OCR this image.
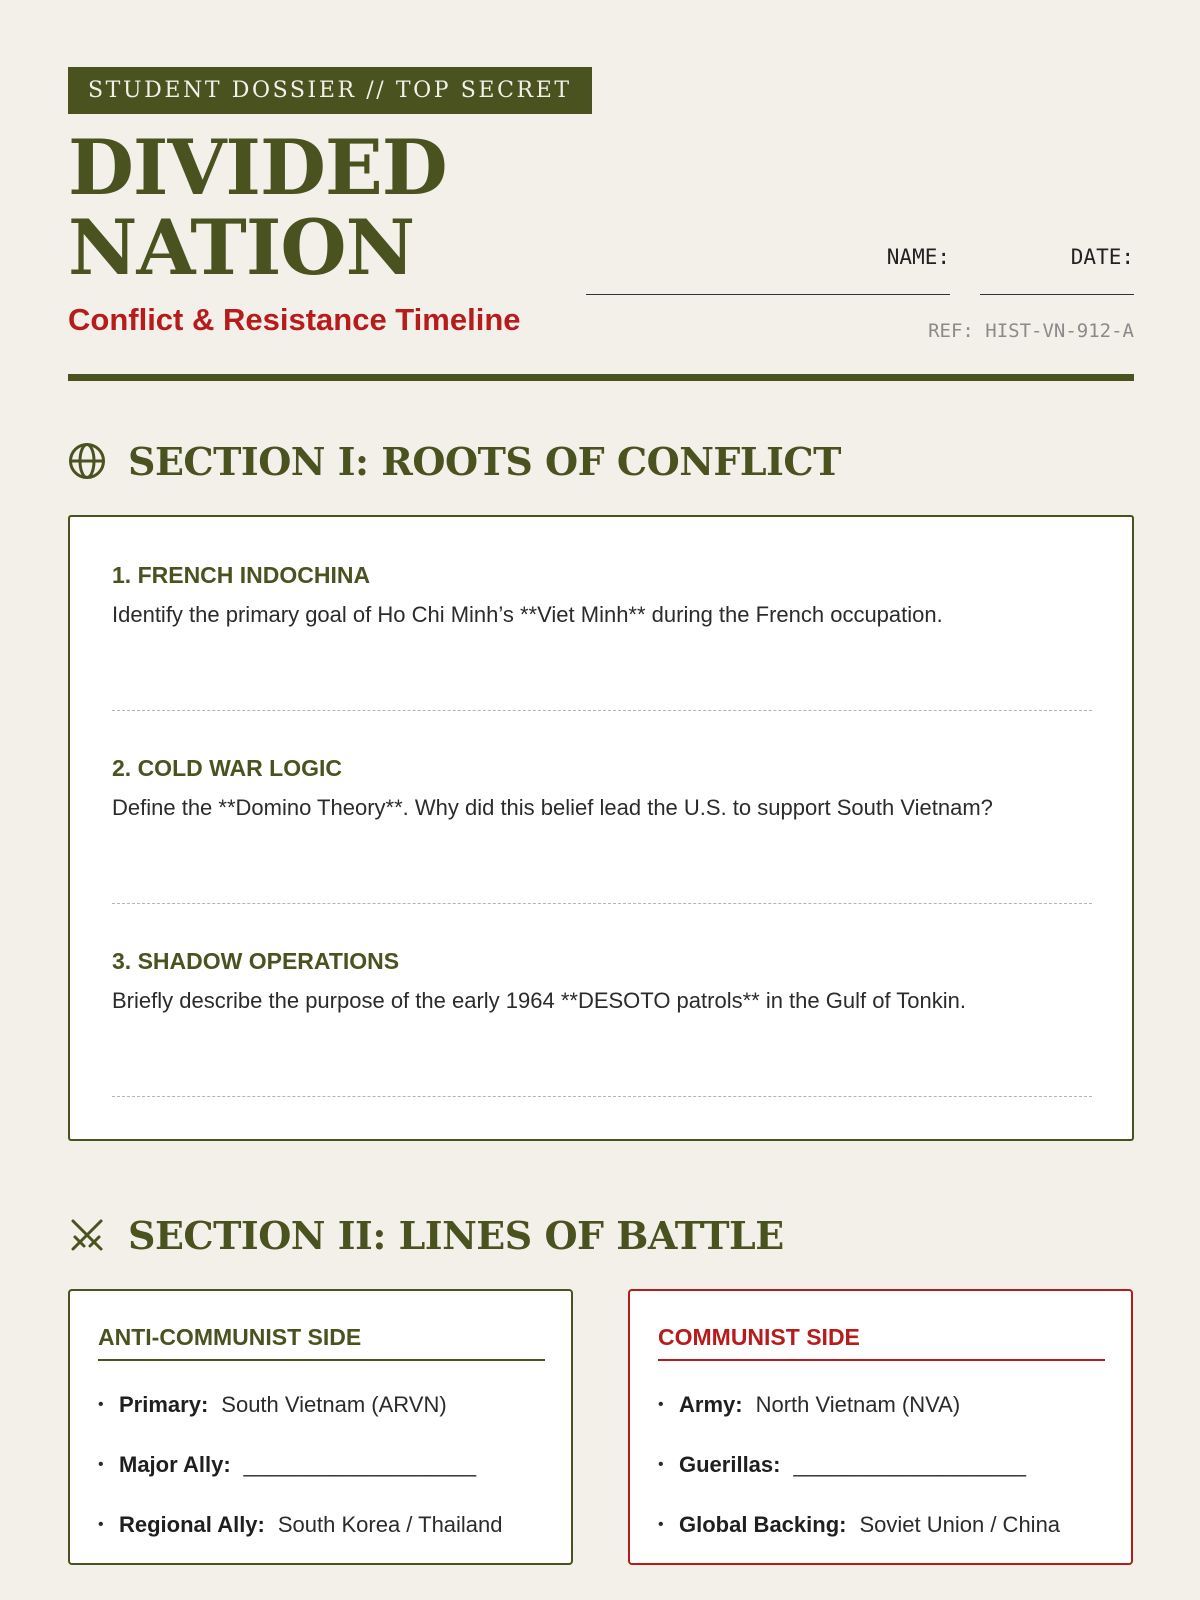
STUDENT DOSSIER // TOP SECRET
DIVIDED
NATION
Conflict & Resistance Timeline
NAME:	DATE:
REF: HIST-VN-912-A
SECTION I: ROOTS OF CONFLICT
1. FRENCH INDOCHINA
Identify the primary goal of Ho Chi Minh’s **Viet Minh** during the French occupation.
2. COLD WAR LOGIC
Define the **Domino Theory**. Why did this belief lead the U.S. to support South Vietnam?
3. SHADOW OPERATIONS
Briefly describe the purpose of the early 1964 **DESOTO patrols** in the Gulf of Tonkin.
SECTION II: LINES OF BATTLE
ANTI-COMMUNIST SIDE
• Primary: South Vietnam (ARVN)
• Major Ally: ___________________
• Regional Ally: South Korea / Thailand
COMMUNIST SIDE
• Army: North Vietnam (NVA)
• Guerillas: ___________________
• Global Backing: Soviet Union / China
